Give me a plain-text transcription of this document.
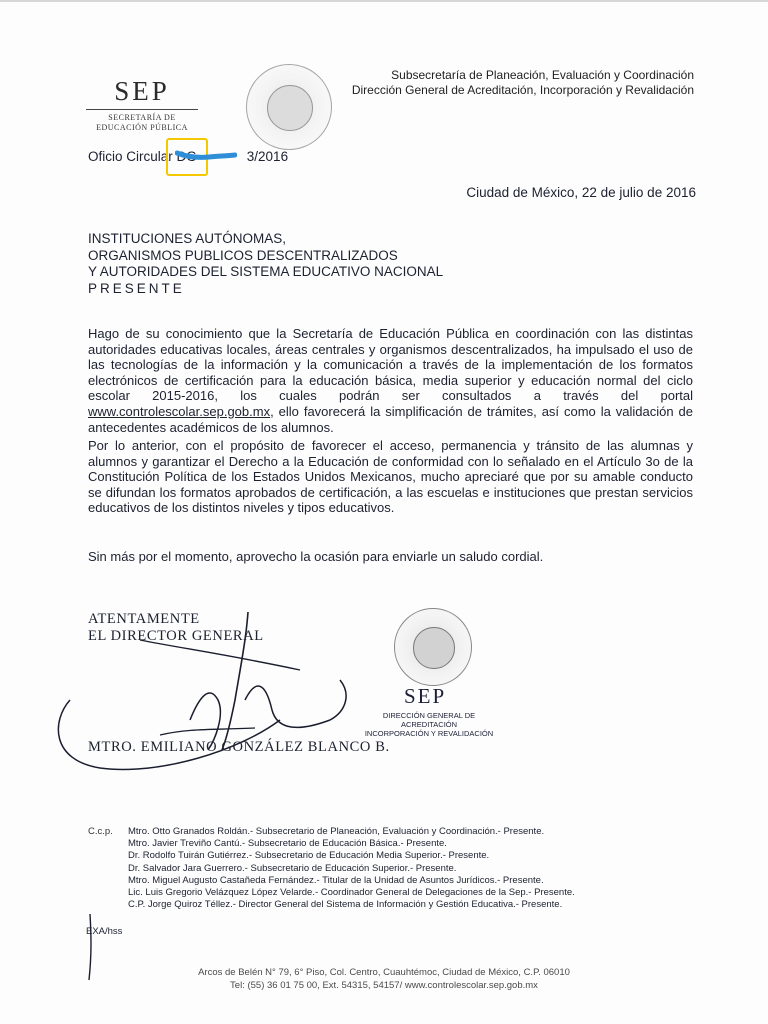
SEP
SECRETARÍA DE
EDUCACIÓN PÚBLICA
Subsecretaría de Planeación, Evaluación y Coordinación
Dirección General de Acreditación, Incorporación y Revalidación
Oficio Circular DG	3/2016
Ciudad de México, 22 de julio de 2016
INSTITUCIONES AUTÓNOMAS,
ORGANISMOS PUBLICOS DESCENTRALIZADOS
Y AUTORIDADES DEL SISTEMA EDUCATIVO NACIONAL
PRESENTE
Hago de su conocimiento que la Secretaría de Educación Pública en coordinación con las distintas autoridades educativas locales, áreas centrales y organismos descentralizados, ha impulsado el uso de las tecnologías de la información y la comunicación a través de la implementación de los formatos electrónicos de certificación para la educación básica, media superior y educación normal del ciclo escolar 2015-2016, los cuales podrán ser consultados a través del portal www.controlescolar.sep.gob.mx, ello favorecerá la simplificación de trámites, así como la validación de antecedentes académicos de los alumnos.
Por lo anterior, con el propósito de favorecer el acceso, permanencia y tránsito de las alumnas y alumnos y garantizar el Derecho a la Educación de conformidad con lo señalado en el Artículo 3o de la Constitución Política de los Estados Unidos Mexicanos, mucho apreciaré que por su amable conducto se difundan los formatos aprobados de certificación, a las escuelas e instituciones que prestan servicios educativos de los distintos niveles y tipos educativos.
Sin más por el momento, aprovecho la ocasión para enviarle un saludo cordial.
ATENTAMENTE
EL DIRECTOR GENERAL
MTRO. EMILIANO GONZÁLEZ BLANCO B.
SEP
DIRECCIÓN GENERAL DE ACREDITACIÓN
INCORPORACIÓN Y REVALIDACIÓN
C.c.p. Mtro. Otto Granados Roldán.- Subsecretario de Planeación, Evaluación y Coordinación.- Presente.
Mtro. Javier Treviño Cantú.- Subsecretario de Educación Básica.- Presente.
Dr. Rodolfo Tuirán Gutiérrez.- Subsecretario de Educación Media Superior.- Presente.
Dr. Salvador Jara Guerrero.- Subsecretario de Educación Superior.- Presente.
Mtro. Miguel Augusto Castañeda Fernández.- Titular de la Unidad de Asuntos Jurídicos.- Presente.
Lic. Luis Gregorio Velázquez López Velarde.- Coordinador General de Delegaciones de la Sep.- Presente.
C.P. Jorge Quiroz Téllez.- Director General del Sistema de Información y Gestión Educativa.- Presente.
EXA/hss
Arcos de Belén N° 79, 6° Piso, Col. Centro, Cuauhtémoc, Ciudad de México, C.P. 06010
Tel: (55) 36 01 75 00, Ext. 54315, 54157/ www.controlescolar.sep.gob.mx
